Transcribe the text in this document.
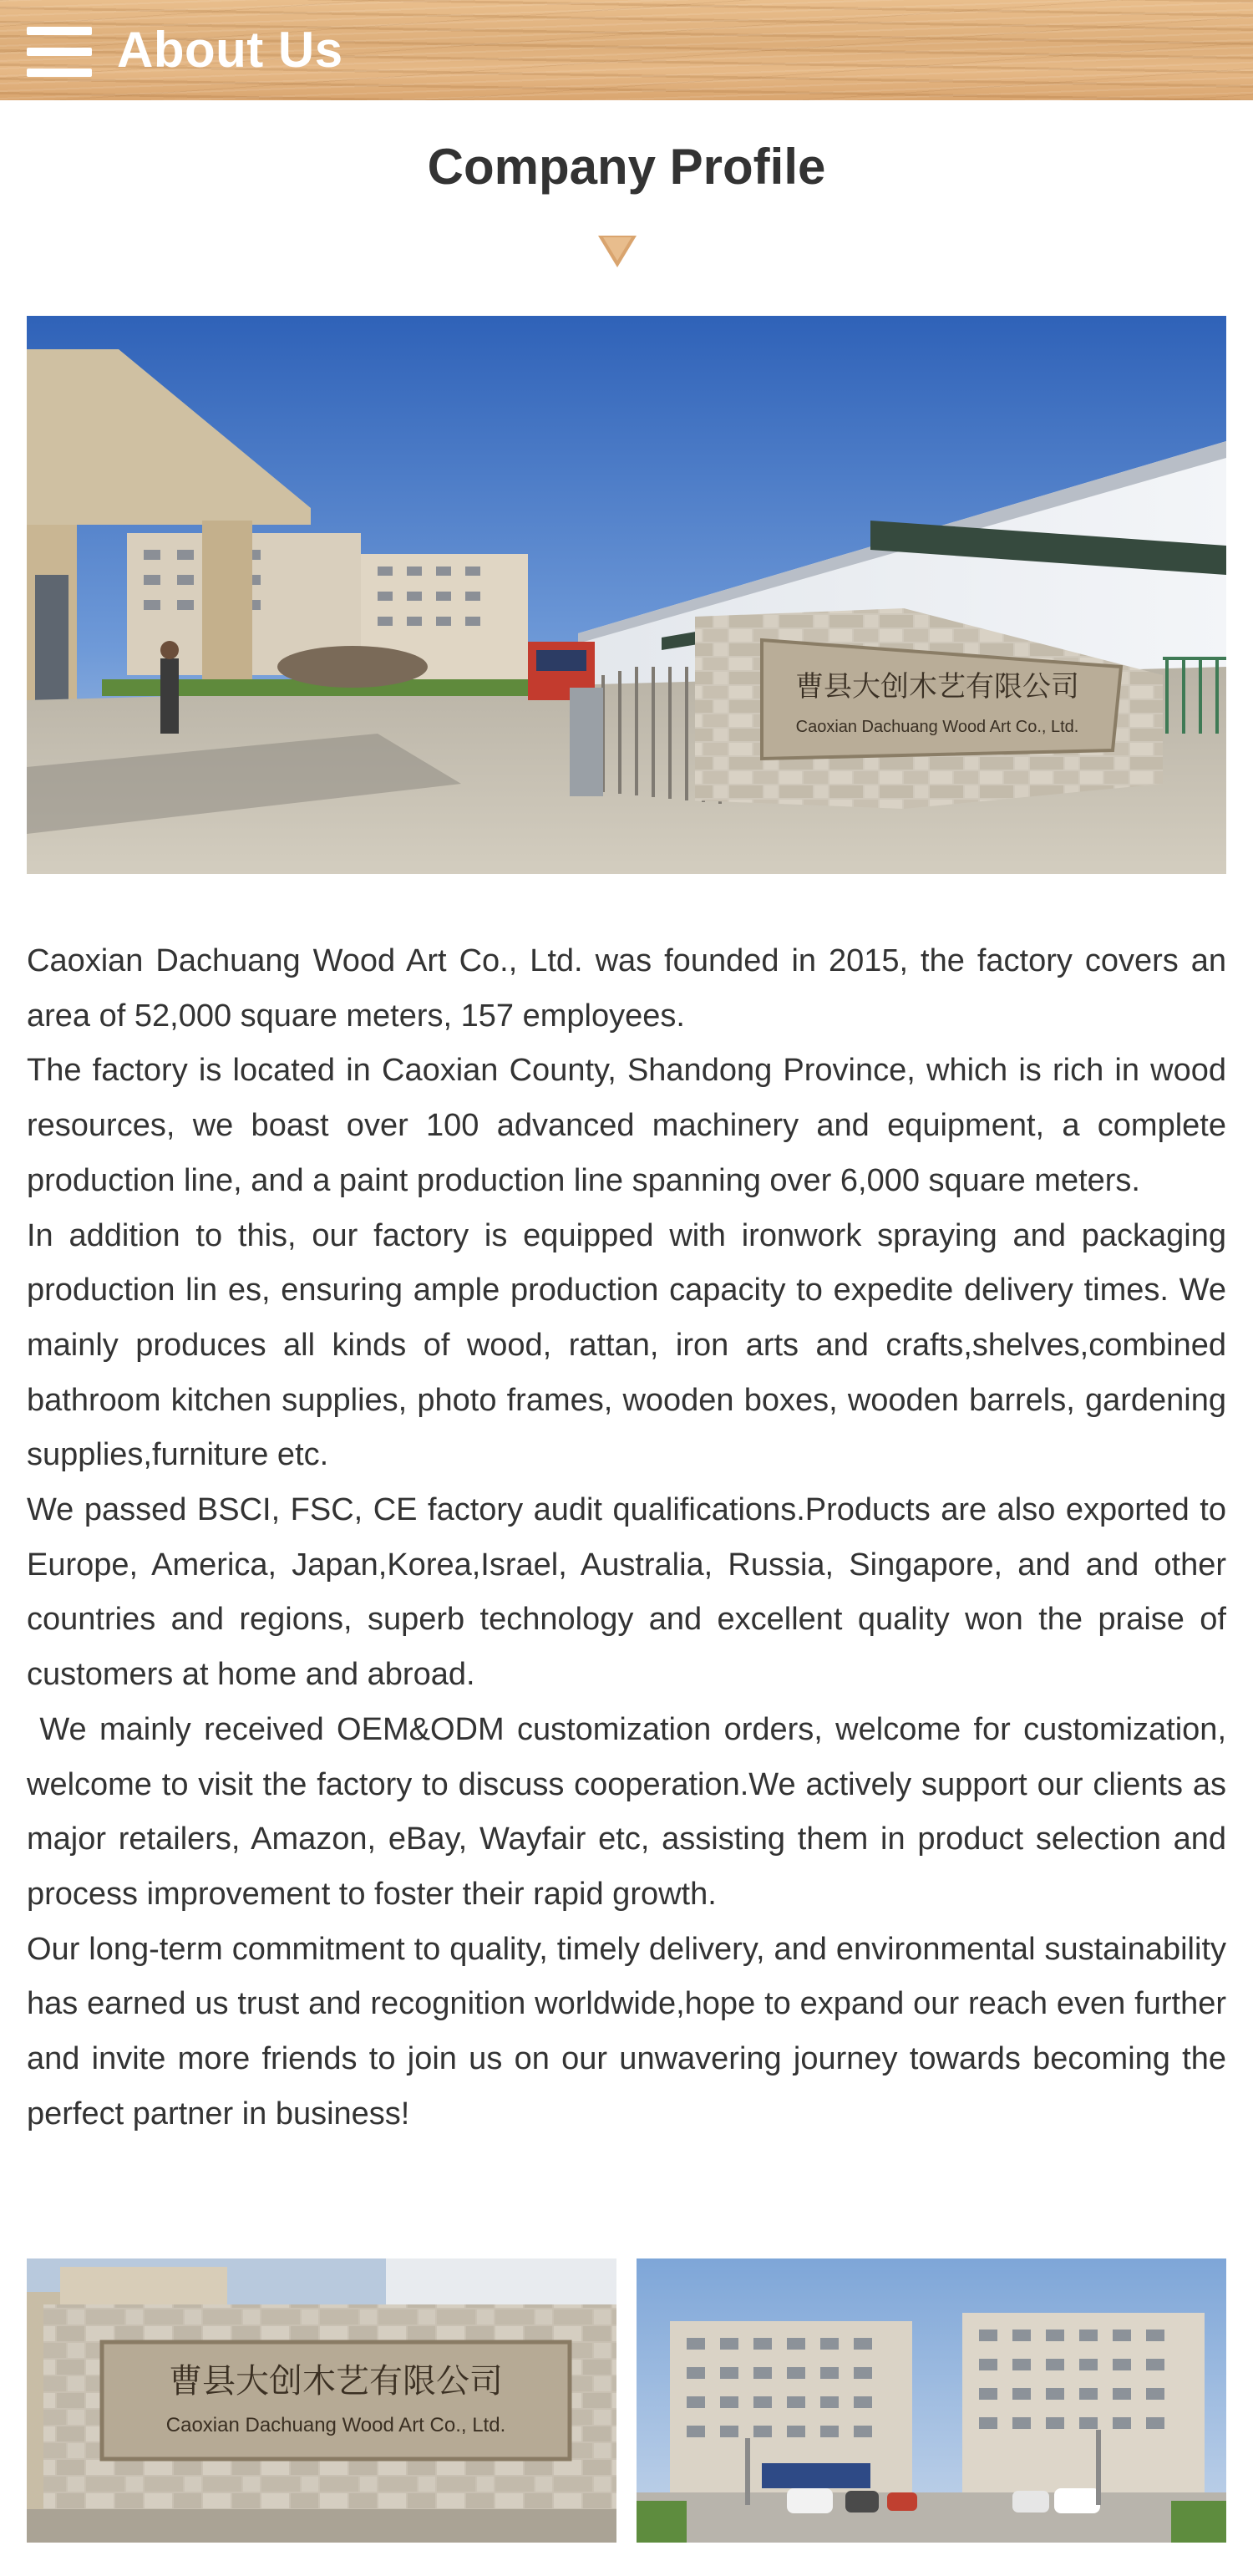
About Us
Company Profile
曹县大创木艺有限公司
Caoxian Dachuang Wood Art Co., Ltd.

Caoxian Dachuang Wood Art Co., Ltd. was founded in 2015, the factory covers an area of 52,000 square meters, 157 employees.

The factory is located in Caoxian County, Shandong Province, which is rich in wood resources, we boast over 100 advanced machinery and equipment, a complete production line, and a paint production line spanning over 6,000 square meters.

In addition to this, our factory is equipped with ironwork spraying and packaging production lin es, ensuring ample production capacity to expedite delivery times. We mainly produces all kinds of wood, rattan, iron arts and crafts,shelves,combined bathroom kitchen supplies, photo frames, wooden boxes, wooden barrels, gardening supplies,furniture etc.

We passed BSCI, FSC, CE factory audit qualifications.Products are also exported to Europe, America, Japan,Korea,Israel, Australia, Russia, Singapore, and and other countries and regions, superb technology and excellent quality won the praise of customers at home and abroad.

We mainly received OEM&ODM customization orders, welcome for customization, welcome to visit the factory to discuss cooperation.We actively support our clients as major retailers, Amazon, eBay, Wayfair etc, assisting them in product selection and process improvement to foster their rapid growth.

Our long-term commitment to quality, timely delivery, and environmental sustainability has earned us trust and recognition worldwide,hope to expand our reach even further and invite more friends to join us on our unwavering journey towards becoming the perfect partner in business!

曹县大创木艺有限公司
Caoxian Dachuang Wood Art Co., Ltd.
